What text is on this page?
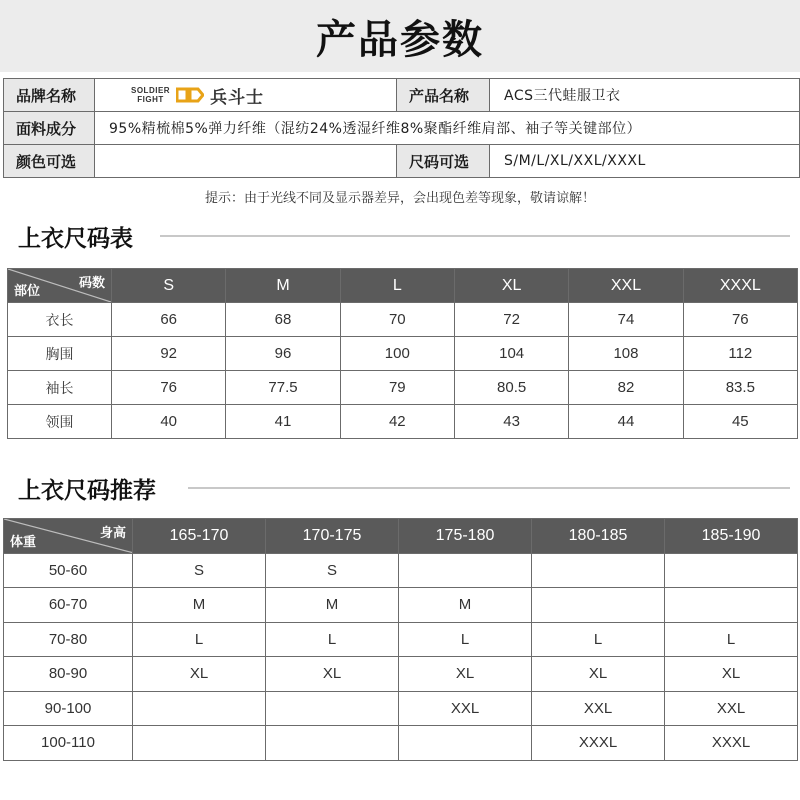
产品参数
品牌名称	SOLDIER
FIGHT 兵斗士	产品名称	ACS三代蛙服卫衣
面料成分	95%精梳棉5%弹力纤维（混纺24%透湿纤维8%聚酯纤维肩部、袖子等关键部位）		
颜色可选		尺码可选	S/M/L/XL/XXL/XXXL
提示：由于光线不同及显示器差异，会出现色差等现象，敬请谅解！
上衣尺码表
码数
部位	S	M	L	XL	XXL	XXXL
衣长	66	68	70	72	74	76
胸围	92	96	100	104	108	112
袖长	76	77.5	79	80.5	82	83.5
领围	40	41	42	43	44	45
上衣尺码推荐
身高
体重	165-170	170-175	175-180	180-185	185-190
50-60	S	S			
60-70	M	M	M		
70-80	L	L	L	L	L
80-90	XL	XL	XL	XL	XL
90-100			XXL	XXL	XXL
100-110				XXXL	XXXL
